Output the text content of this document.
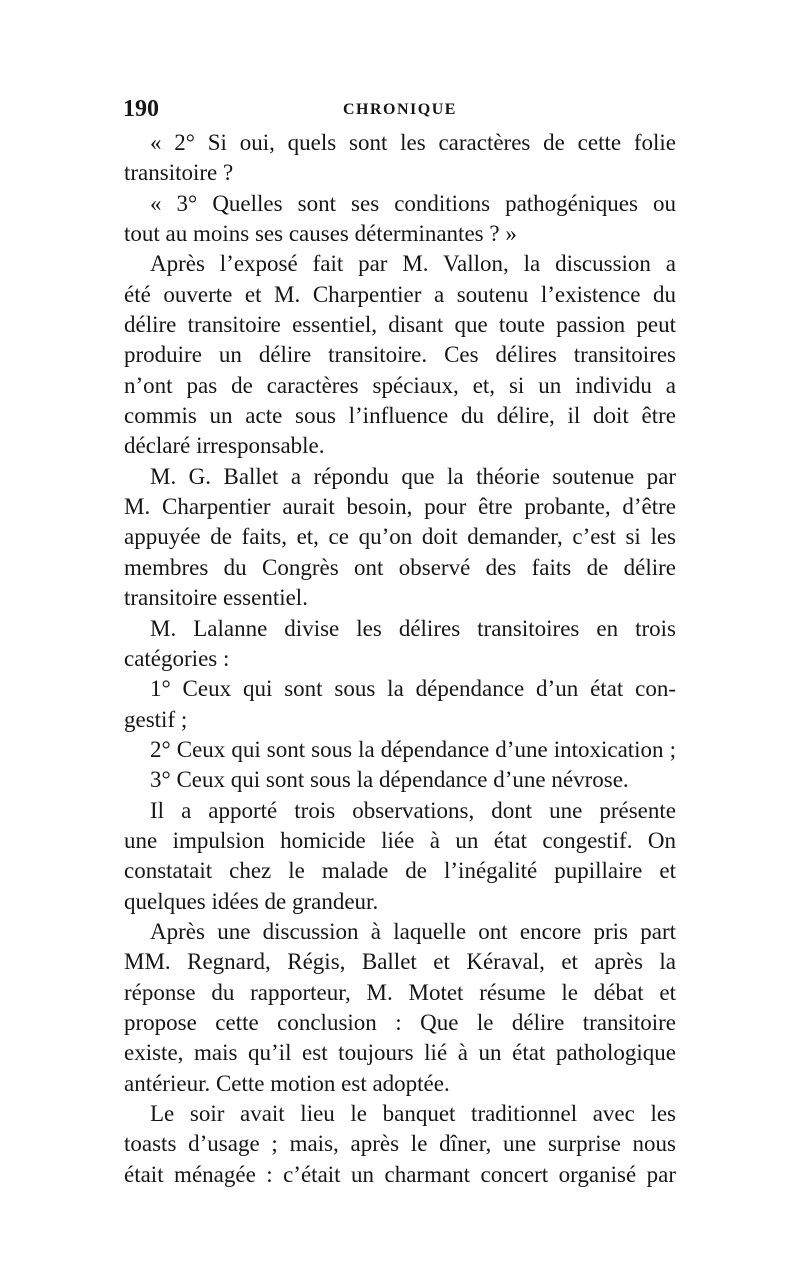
190	CHRONIQUE
« 2° Si oui, quels sont les caractères de cette folie
transitoire ?
« 3° Quelles sont ses conditions pathogéniques ou
tout au moins ses causes déterminantes ? »
Après l’exposé fait par M. Vallon, la discussion a
été ouverte et M. Charpentier a soutenu l’existence du
délire transitoire essentiel, disant que toute passion peut
produire un délire transitoire. Ces délires transitoires
n’ont pas de caractères spéciaux, et, si un individu a
commis un acte sous l’influence du délire, il doit être
déclaré irresponsable.
M. G. Ballet a répondu que la théorie soutenue par
M. Charpentier aurait besoin, pour être probante, d’être
appuyée de faits, et, ce qu’on doit demander, c’est si les
membres du Congrès ont observé des faits de délire
transitoire essentiel.
M. Lalanne divise les délires transitoires en trois
catégories :
1° Ceux qui sont sous la dépendance d’un état con-
gestif ;
2° Ceux qui sont sous la dépendance d’une intoxication ;
3° Ceux qui sont sous la dépendance d’une névrose.
Il a apporté trois observations, dont une présente
une impulsion homicide liée à un état congestif. On
constatait chez le malade de l’inégalité pupillaire et
quelques idées de grandeur.
Après une discussion à laquelle ont encore pris part
MM. Regnard, Régis, Ballet et Kéraval, et après la
réponse du rapporteur, M. Motet résume le débat et
propose cette conclusion : Que le délire transitoire
existe, mais qu’il est toujours lié à un état pathologique
antérieur. Cette motion est adoptée.
Le soir avait lieu le banquet traditionnel avec les
toasts d’usage ; mais, après le dîner, une surprise nous
était ménagée : c’était un charmant concert organisé par
